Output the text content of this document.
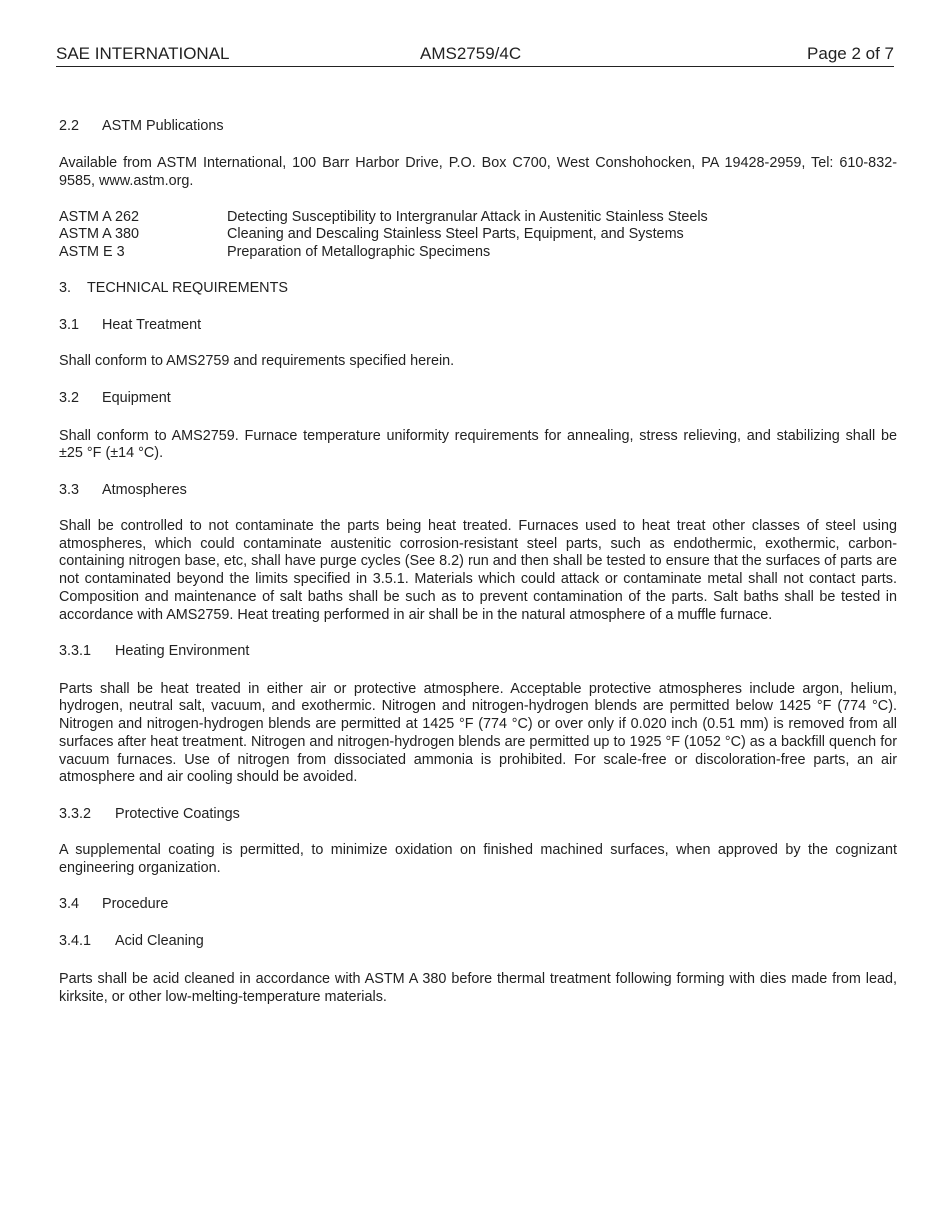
SAE INTERNATIONAL	AMS2759/4C	Page 2 of 7
2.2 ASTM Publications

Available from ASTM International, 100 Barr Harbor Drive, P.O. Box C700, West Conshohocken, PA 19428-2959, Tel: 610-832-9585, www.astm.org.

ASTM A 262	Detecting Susceptibility to Intergranular Attack in Austenitic Stainless Steels
ASTM A 380	Cleaning and Descaling Stainless Steel Parts, Equipment, and Systems
ASTM E 3	Preparation of Metallographic Specimens
3. TECHNICAL REQUIREMENTS
3.1 Heat Treatment

Shall conform to AMS2759 and requirements specified herein.

3.2 Equipment

Shall conform to AMS2759. Furnace temperature uniformity requirements for annealing, stress relieving, and stabilizing shall be ±25 °F (±14 °C).

3.3 Atmospheres

Shall be controlled to not contaminate the parts being heat treated. Furnaces used to heat treat other classes of steel using atmospheres, which could contaminate austenitic corrosion-resistant steel parts, such as endothermic, exothermic, carbon-containing nitrogen base, etc, shall have purge cycles (See 8.2) run and then shall be tested to ensure that the surfaces of parts are not contaminated beyond the limits specified in 3.5.1. Materials which could attack or contaminate metal shall not contact parts. Composition and maintenance of salt baths shall be such as to prevent contamination of the parts. Salt baths shall be tested in accordance with AMS2759. Heat treating performed in air shall be in the natural atmosphere of a muffle furnace.

3.3.1 Heating Environment

Parts shall be heat treated in either air or protective atmosphere. Acceptable protective atmospheres include argon, helium, hydrogen, neutral salt, vacuum, and exothermic. Nitrogen and nitrogen-hydrogen blends are permitted below 1425 °F (774 °C). Nitrogen and nitrogen-hydrogen blends are permitted at 1425 °F (774 °C) or over only if 0.020 inch (0.51 mm) is removed from all surfaces after heat treatment. Nitrogen and nitrogen-hydrogen blends are permitted up to 1925 °F (1052 °C) as a backfill quench for vacuum furnaces. Use of nitrogen from dissociated ammonia is prohibited. For scale-free or discoloration-free parts, an air atmosphere and air cooling should be avoided.

3.3.2 Protective Coatings

A supplemental coating is permitted, to minimize oxidation on finished machined surfaces, when approved by the cognizant engineering organization.

3.4 Procedure
3.4.1 Acid Cleaning

Parts shall be acid cleaned in accordance with ASTM A 380 before thermal treatment following forming with dies made from lead, kirksite, or other low-melting-temperature materials.
